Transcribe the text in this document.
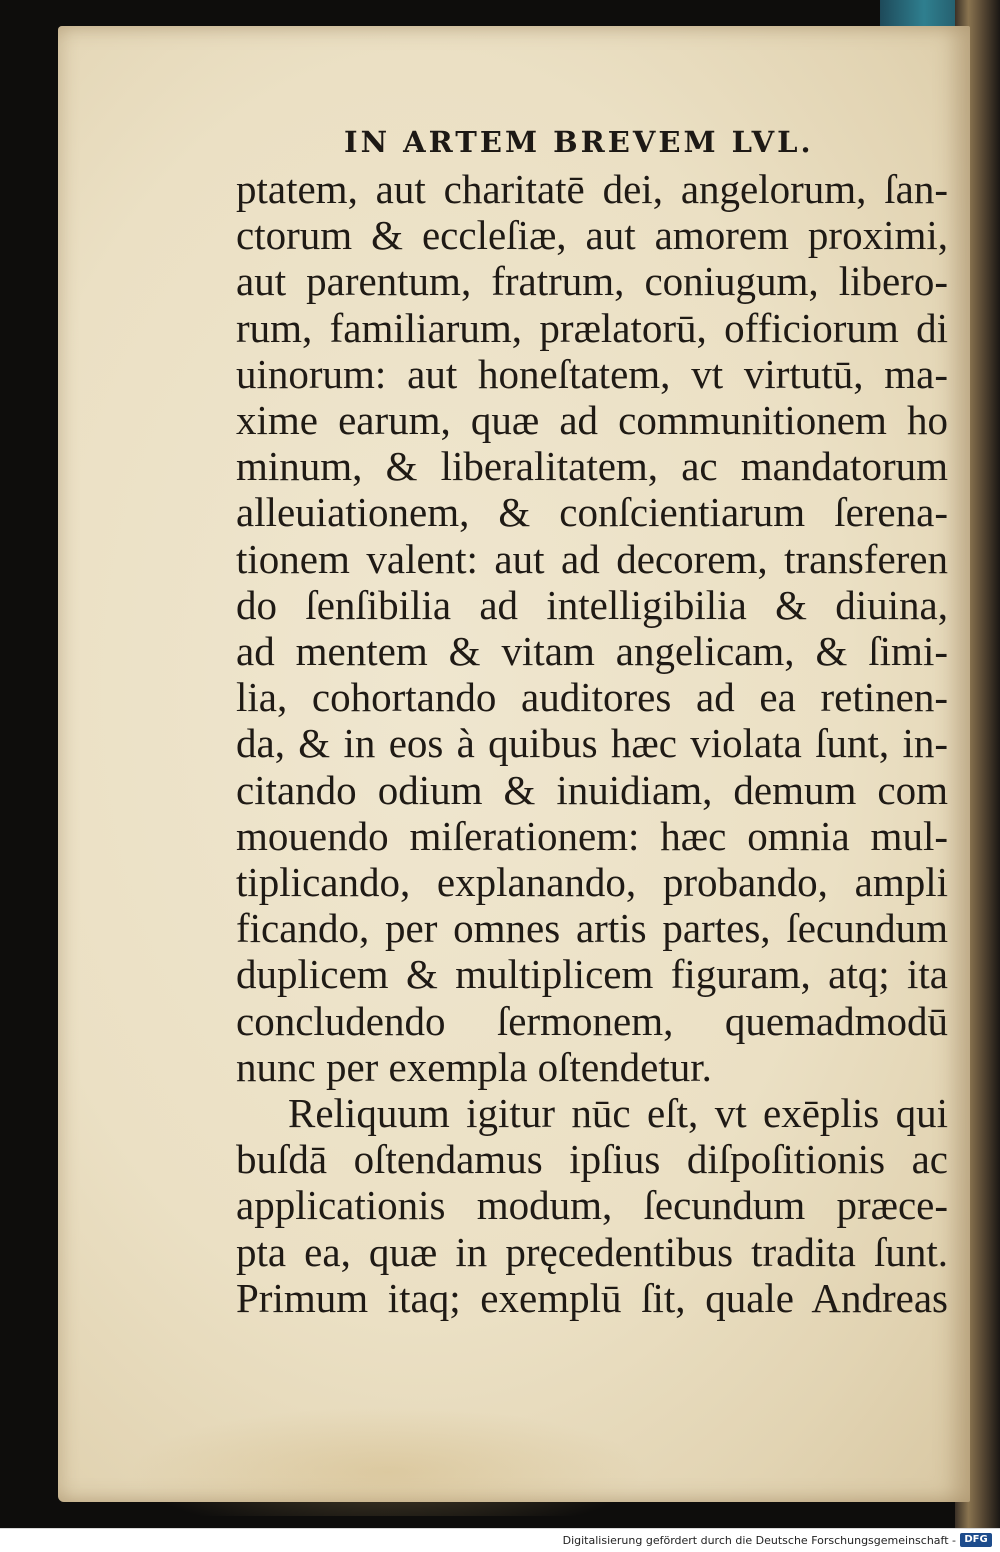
IN ARTEM BREVEM LVL.
ptatem, aut charitatē dei, angelorum, ſan-
ctorum & eccleſiæ, aut amorem proximi,
aut parentum, fratrum, coniugum, libero-
rum, familiarum, prælatorū, officiorum di
uinorum: aut honeſtatem, vt virtutū, ma-
xime earum, quæ ad communitionem ho
minum, & liberalitatem, ac mandatorum
alleuiationem, & conſcientiarum ſerena-
tionem valent: aut ad decorem, transferen
do ſenſibilia ad intelligibilia & diuina,
ad mentem & vitam angelicam, & ſimi-
lia, cohortando auditores ad ea retinen-
da, & in eos à quibus hæc violata ſunt, in-
citando odium & inuidiam, demum com
mouendo miſerationem: hæc omnia mul-
tiplicando, explanando, probando, ampli
ficando, per omnes artis partes, ſecundum
duplicem & multiplicem figuram, atq; ita
concludendo ſermonem, quemadmodū
nunc per exempla oſtendetur.
Reliquum igitur nūc eſt, vt exēplis qui
buſdā oſtendamus ipſius diſpoſitionis ac
applicationis modum, ſecundum præce-
pta ea, quæ in pręcedentibus tradita ſunt.
Primum itaq; exemplū ſit, quale Andreas
Digitalisierung gefördert durch die Deutsche Forschungsgemeinschaft - DFG
